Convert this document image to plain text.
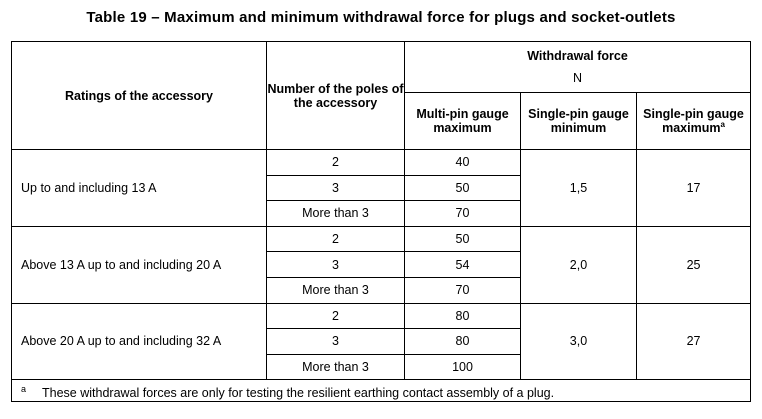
Table 19 – Maximum and minimum withdrawal force for plugs and socket-outlets
Ratings of the accessory	Number of the poles of the accessory	Withdrawal force
N		

		Multi-pin gauge maximum	Single-pin gauge minimum	Single-pin gauge maximum$^a$
Up to and including 13 A	2	40	1,5	17
	3	50		
	More than 3	70		
Above 13 A up to and including 20 A	2	50	2,0	25
	3	54		
	More than 3	70		
Above 20 A up to and including 32 A	2	80	3,0	27
	3	80		
	More than 3	100		
$^a$ These withdrawal forces are only for testing the resilient earthing contact assembly of a plug.				
